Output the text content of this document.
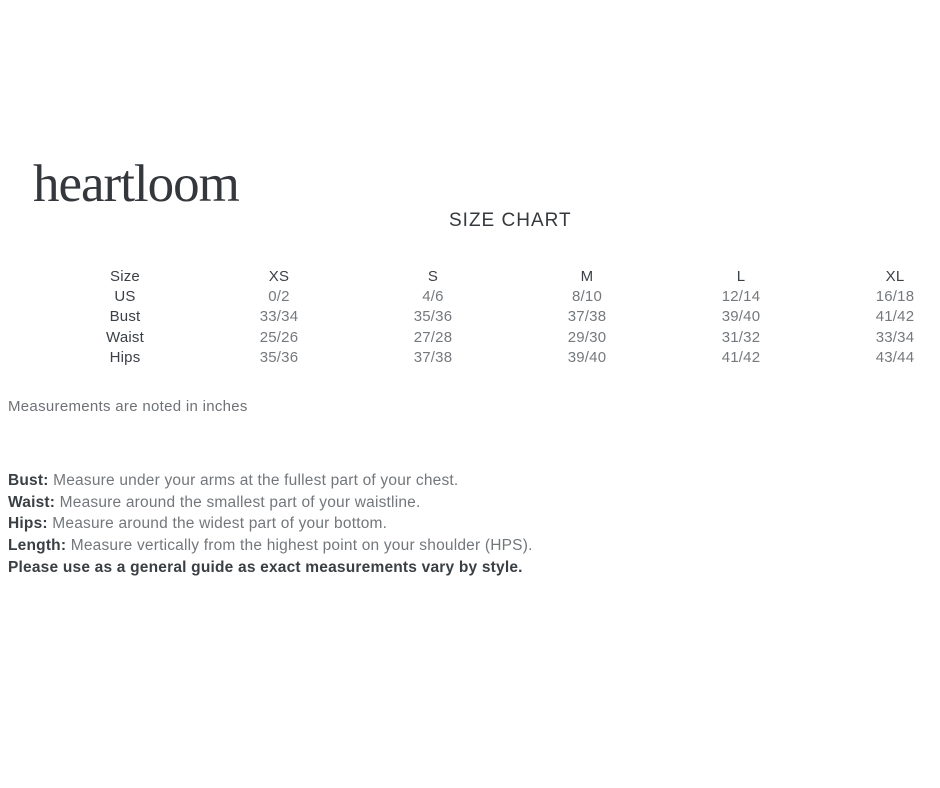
heartloom
SIZE CHART
Size	XS	S	M	L	XL
US	0/2	4/6	8/10	12/14	16/18
Bust	33/34	35/36	37/38	39/40	41/42
Waist	25/26	27/28	29/30	31/32	33/34
Hips	35/36	37/38	39/40	41/42	43/44
Measurements are noted in inches
Bust: Measure under your arms at the fullest part of your chest.
Waist: Measure around the smallest part of your waistline.
Hips: Measure around the widest part of your bottom.
Length: Measure vertically from the highest point on your shoulder (HPS).
Please use as a general guide as exact measurements vary by style.
